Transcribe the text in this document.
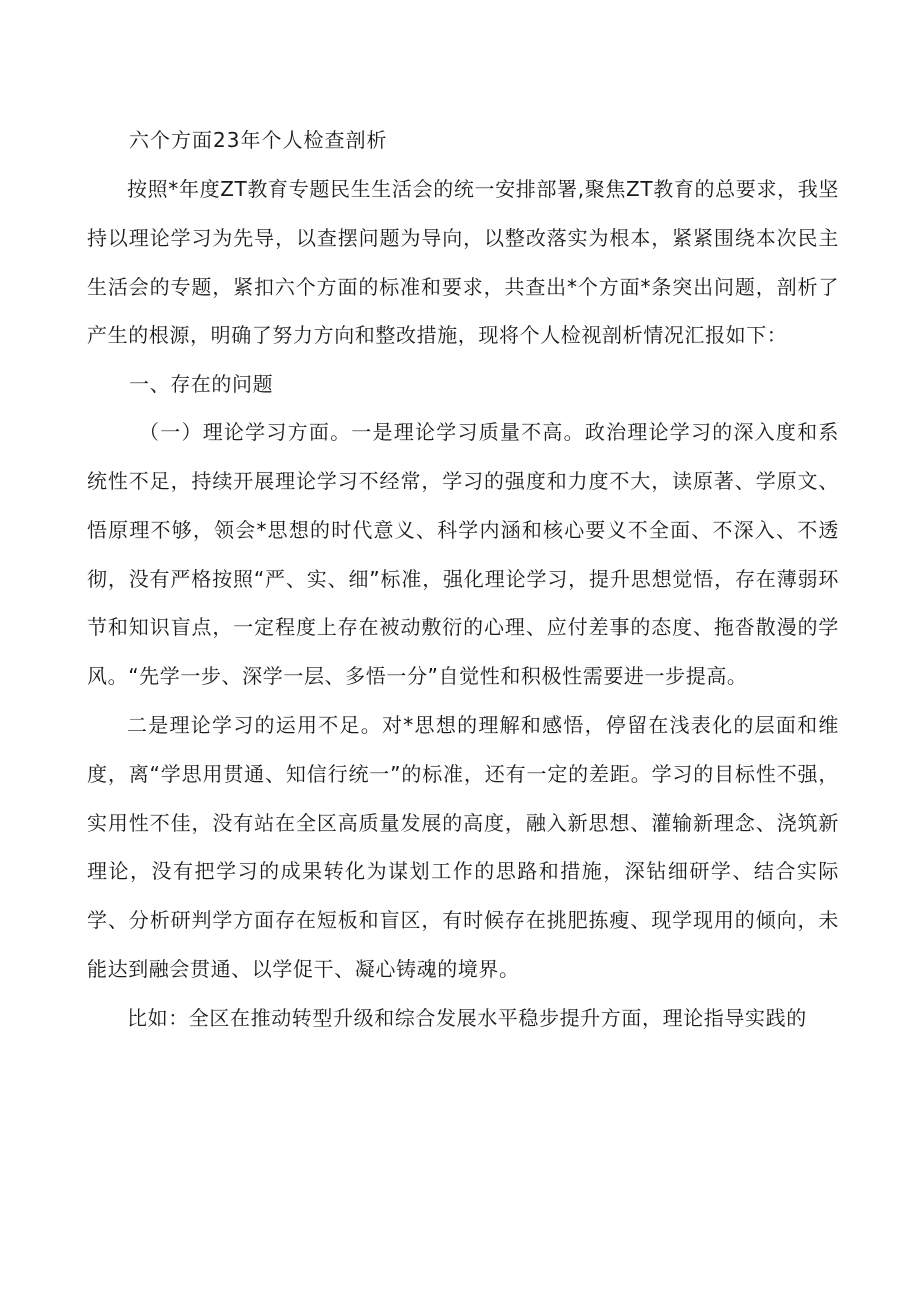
六个方面23年个人检查剖析

按照*年度ZT教育专题民生生活会的统一安排部署,聚焦ZT教育的总要求，我坚持以理论学习为先导，以查摆问题为导向，以整改落实为根本，紧紧围绕本次民主生活会的专题，紧扣六个方面的标准和要求，共查出*个方面*条突出问题，剖析了产生的根源，明确了努力方向和整改措施，现将个人检视剖析情况汇报如下：

一、存在的问题

（一）理论学习方面。一是理论学习质量不高。政治理论学习的深入度和系统性不足，持续开展理论学习不经常，学习的强度和力度不大，读原著、学原文、悟原理不够，领会*思想的时代意义、科学内涵和核心要义不全面、不深入、不透彻，没有严格按照“严、实、细”标准，强化理论学习，提升思想觉悟，存在薄弱环节和知识盲点，一定程度上存在被动敷衍的心理、应付差事的态度、拖沓散漫的学风。“先学一步、深学一层、多悟一分”自觉性和积极性需要进一步提高。

二是理论学习的运用不足。对*思想的理解和感悟，停留在浅表化的层面和维度，离“学思用贯通、知信行统一”的标准，还有一定的差距。学习的目标性不强，实用性不佳，没有站在全区高质量发展的高度，融入新思想、灌输新理念、浇筑新理论，没有把学习的成果转化为谋划工作的思路和措施，深钻细研学、结合实际学、分析研判学方面存在短板和盲区，有时候存在挑肥拣瘦、现学现用的倾向，未能达到融会贯通、以学促干、凝心铸魂的境界。

比如：全区在推动转型升级和综合发展水平稳步提升方面，理论指导实践的
